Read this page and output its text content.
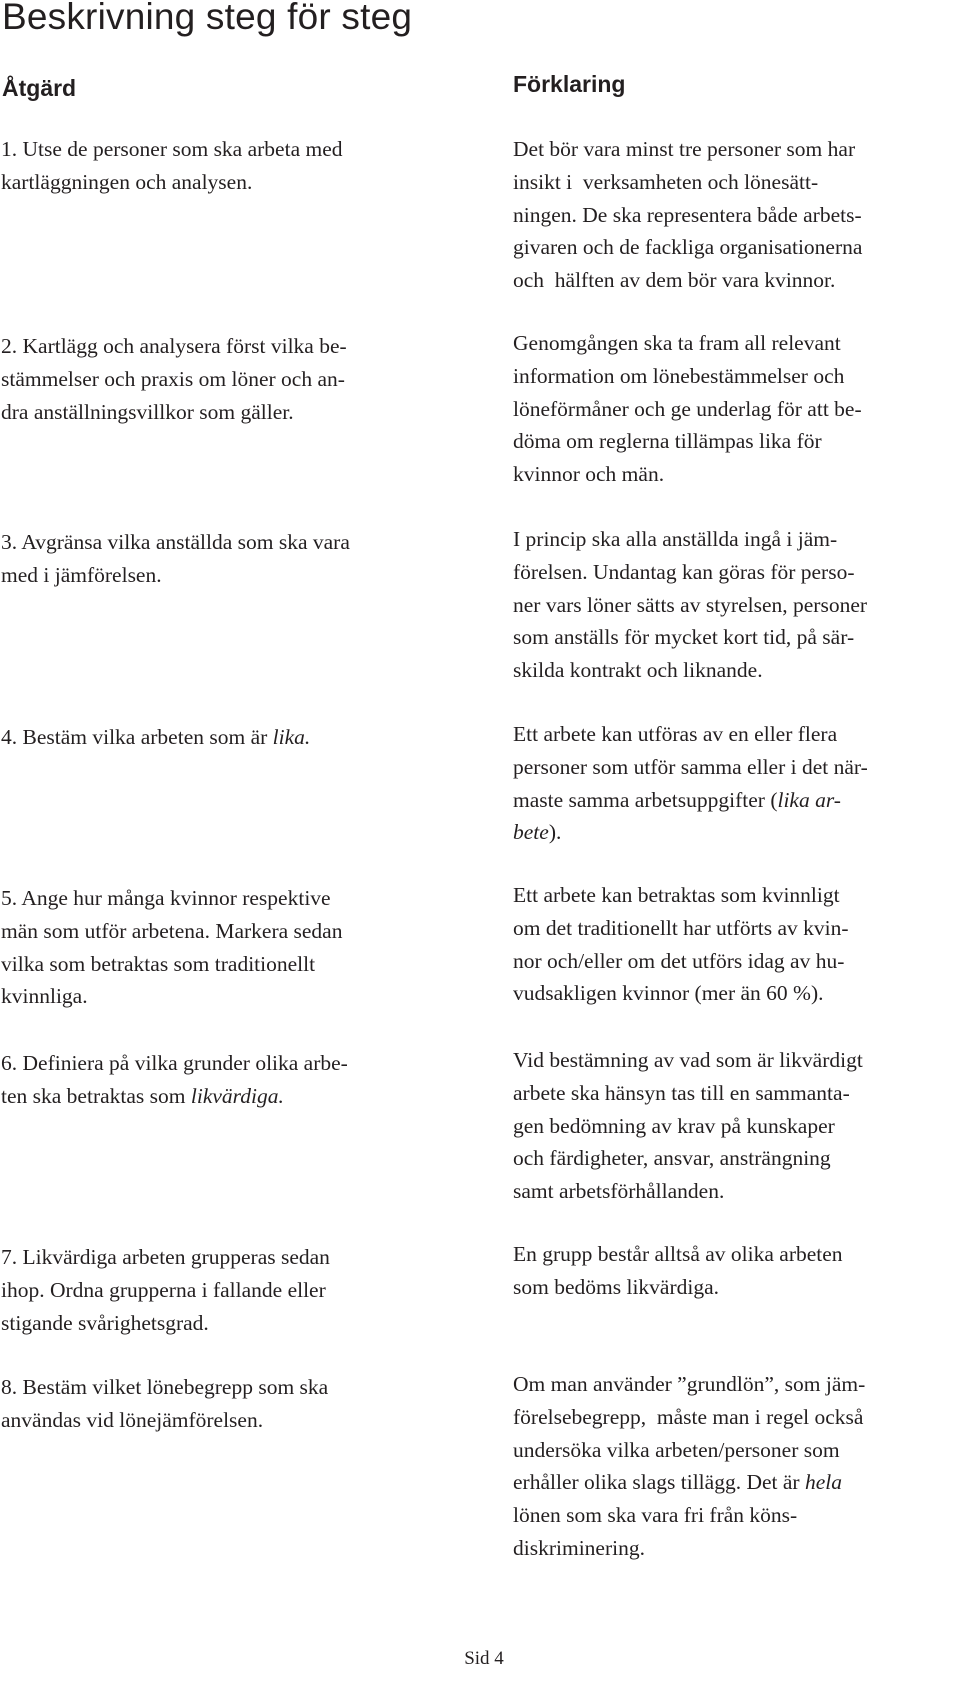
Beskrivning steg för steg
Åtgärd	Förklaring

1. Utse de personer som ska arbeta med
kartläggningen och analysen.

Det bör vara minst tre personer som har
insikt i  verksamheten och lönesätt-
ningen. De ska representera både arbets-
givaren och de fackliga organisationerna
och  hälften av dem bör vara kvinnor.

2. Kartlägg och analysera först vilka be-
stämmelser och praxis om löner och an-
dra anställningsvillkor som gäller.

Genomgången ska ta fram all relevant
information om lönebestämmelser och
löneförmåner och ge underlag för att be-
döma om reglerna tillämpas lika för
kvinnor och män.

3. Avgränsa vilka anställda som ska vara
med i jämförelsen.

I princip ska alla anställda ingå i jäm-
förelsen. Undantag kan göras för perso-
ner vars löner sätts av styrelsen, personer
som anställs för mycket kort tid, på sär-
skilda kontrakt och liknande.

4. Bestäm vilka arbeten som är lika.	Ett arbete kan utföras av en eller flera
personer som utför samma eller i det när-
maste samma arbetsuppgifter (lika ar-
bete).

5. Ange hur många kvinnor respektive
män som utför arbetena. Markera sedan
vilka som betraktas som traditionellt
kvinnliga.

Ett arbete kan betraktas som kvinnligt
om det traditionellt har utförts av kvin-
nor och/eller om det utförs idag av hu-
vudsakligen kvinnor (mer än 60 %).

6. Definiera på vilka grunder olika arbe-
ten ska betraktas som likvärdiga.

Vid bestämning av vad som är likvärdigt
arbete ska hänsyn tas till en sammanta-
gen bedömning av krav på kunskaper
och färdigheter, ansvar, ansträngning
samt arbetsförhållanden.

7. Likvärdiga arbeten grupperas sedan
ihop. Ordna grupperna i fallande eller
stigande svårighetsgrad.

En grupp består alltså av olika arbeten
som bedöms likvärdiga.

8. Bestäm vilket lönebegrepp som ska
användas vid lönejämförelsen.

Om man använder ”grundlön”, som jäm-
förelsebegrepp,  måste man i regel också
undersöka vilka arbeten/personer som
erhåller olika slags tillägg. Det är hela
lönen som ska vara fri från köns-
diskriminering.

Sid 4
